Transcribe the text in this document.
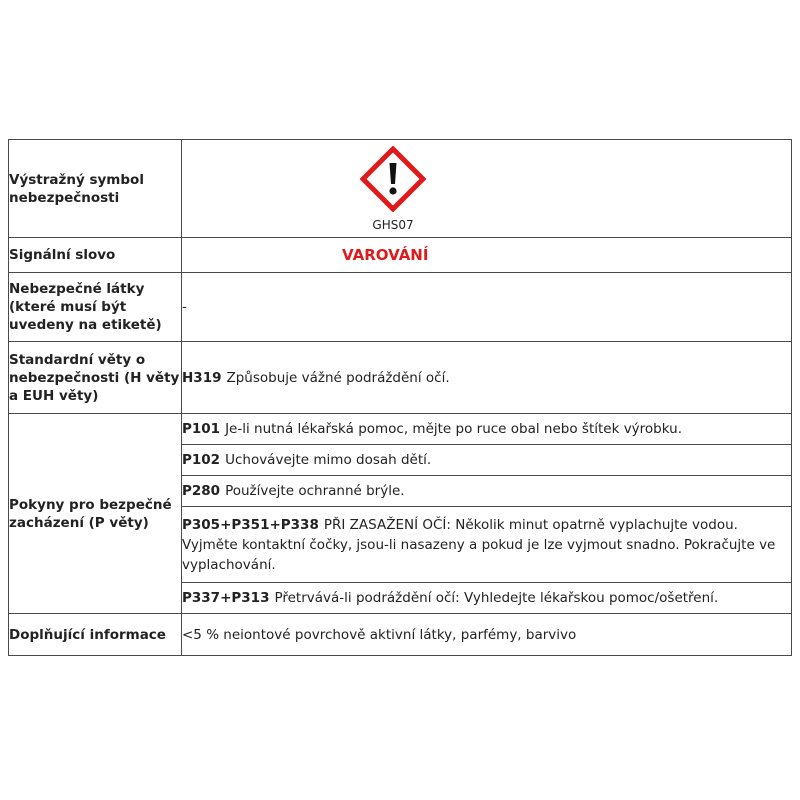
Výstražný symbol nebezpečnosti	GHS07

Signální slovo	VAROVÁNÍ
Nebezpečné látky (které musí být uvedeny na etiketě)	-
Standardní věty o nebezpečnosti (H věty a EUH věty)	H319 Způsobuje vážné podráždění očí.
Pokyny pro bezpečné zacházení (P věty)	P101 Je-li nutná lékařská pomoc, mějte po ruce obal nebo štítek výrobku.
	P102 Uchovávejte mimo dosah dětí.
	P280 Používejte ochranné brýle.
	P305+P351+P338 PŘI ZASAŽENÍ OČÍ: Několik minut opatrně vyplachujte vodou. Vyjměte kontaktní čočky, jsou-li nasazeny a pokud je lze vyjmout snadno. Pokračujte ve vyplachování.
	P337+P313 Přetrvává-li podráždění očí: Vyhledejte lékařskou pomoc/ošetření.
Doplňující informace	<5 % neiontové povrchově aktivní látky, parfémy, barvivo
